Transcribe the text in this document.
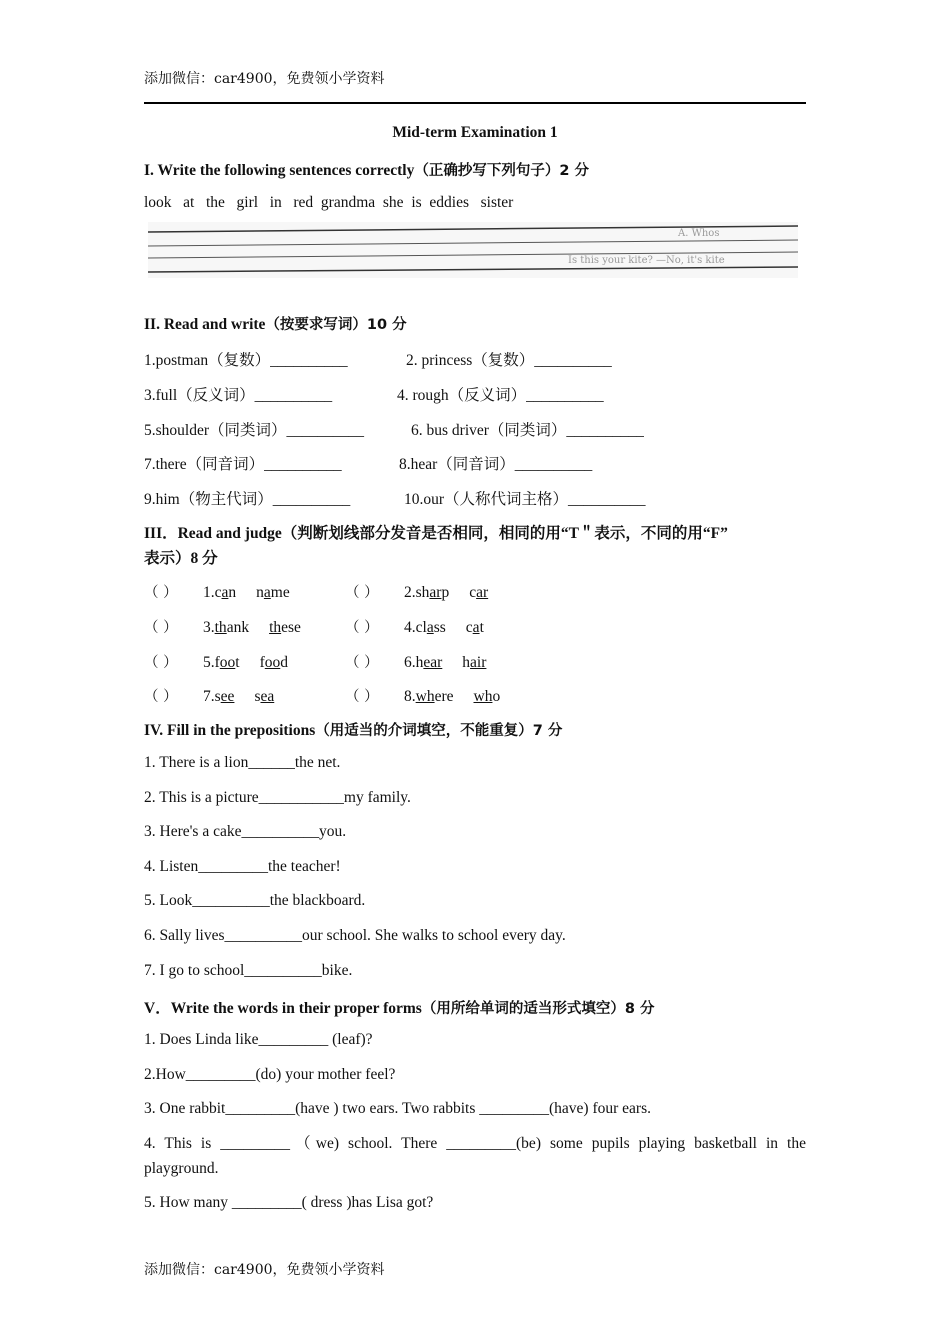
添加微信：car4900，免费领小学资料
Mid-term Examination 1
I. Write the following sentences correctly（正确抄写下列句子）2 分
look   at   the   girl   in   red  grandma  she  is  eddies   sister
A. Whos
Is this your kite? —No, it's kite
II. Read and write（按要求写词）10 分
1.postman（复数）__________	2. princess（复数）__________
3.full（反义词）__________	4. rough（反义词）__________
5.shoulder（同类词）__________	6. bus driver（同类词）__________
7.there（同音词）__________	8.hear（同音词）__________
9.him（物主代词）__________	10.our（人称代词主格）__________
III．Read and judge（判断划线部分发音是否相同，相同的用“T＂表示，不同的用“F”
表示）8 分
（ ） 1.can name	（ ） 2.sharp car
（ ） 3.thank these	（ ） 4.class cat
（ ） 5.foot food	（ ） 6.hear hair
（ ） 7.see sea	（ ） 8.where who
IV. Fill in the prepositions（用适当的介词填空，不能重复）7 分
1. There is a lion______the net.
2. This is a picture___________my family.
3. Here's a cake__________you.
4. Listen_________the teacher!
5. Look__________the blackboard.
6. Sally lives__________our school. She walks to school every day.
7. I go to school__________bike.
V．Write the words in their proper forms（用所给单词的适当形式填空）8 分
1. Does Linda like_________ (leaf)?
2.How_________(do) your mother feel?
3. One rabbit_________(have ) two ears. Two rabbits _________(have) four ears.
4. This is _________（we) school. There _________(be) some pupils playing basketball in the playground.
5. How many _________( dress )has Lisa got?
添加微信：car4900，免费领小学资料
